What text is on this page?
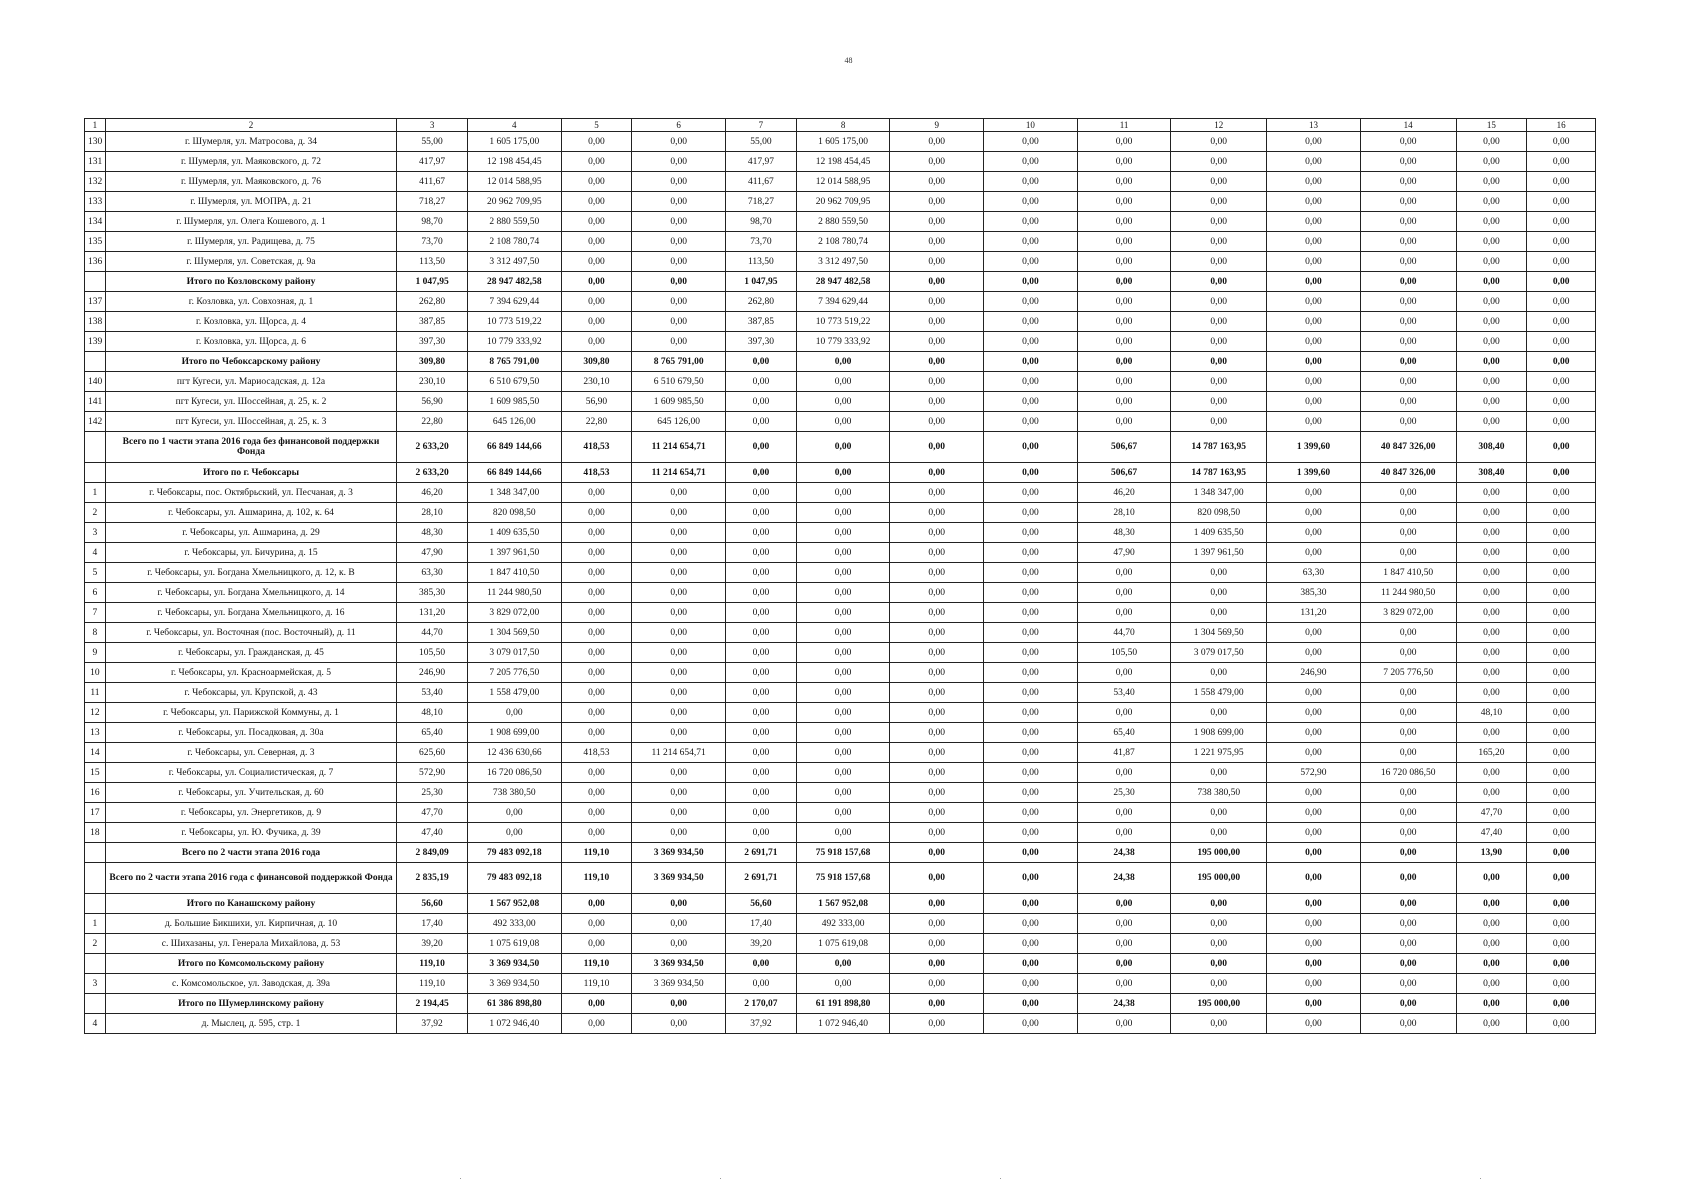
48
1	2	3	4	5	6	7	8	9	10	11	12	13	14	15	16
130	г. Шумерля, ул. Матросова, д. 34	55,00	1 605 175,00	0,00	0,00	55,00	1 605 175,00	0,00	0,00	0,00	0,00	0,00	0,00	0,00	0,00
131	г. Шумерля, ул. Маяковского, д. 72	417,97	12 198 454,45	0,00	0,00	417,97	12 198 454,45	0,00	0,00	0,00	0,00	0,00	0,00	0,00	0,00
132	г. Шумерля, ул. Маяковского, д. 76	411,67	12 014 588,95	0,00	0,00	411,67	12 014 588,95	0,00	0,00	0,00	0,00	0,00	0,00	0,00	0,00
133	г. Шумерля, ул. МОПРА, д. 21	718,27	20 962 709,95	0,00	0,00	718,27	20 962 709,95	0,00	0,00	0,00	0,00	0,00	0,00	0,00	0,00
134	г. Шумерля, ул. Олега Кошевого, д. 1	98,70	2 880 559,50	0,00	0,00	98,70	2 880 559,50	0,00	0,00	0,00	0,00	0,00	0,00	0,00	0,00
135	г. Шумерля, ул. Радищева, д. 75	73,70	2 108 780,74	0,00	0,00	73,70	2 108 780,74	0,00	0,00	0,00	0,00	0,00	0,00	0,00	0,00
136	г. Шумерля, ул. Советская, д. 9а	113,50	3 312 497,50	0,00	0,00	113,50	3 312 497,50	0,00	0,00	0,00	0,00	0,00	0,00	0,00	0,00
	Итого по Козловскому району	1 047,95	28 947 482,58	0,00	0,00	1 047,95	28 947 482,58	0,00	0,00	0,00	0,00	0,00	0,00	0,00	0,00
137	г. Козловка, ул. Совхозная, д. 1	262,80	7 394 629,44	0,00	0,00	262,80	7 394 629,44	0,00	0,00	0,00	0,00	0,00	0,00	0,00	0,00
138	г. Козловка, ул. Щорса, д. 4	387,85	10 773 519,22	0,00	0,00	387,85	10 773 519,22	0,00	0,00	0,00	0,00	0,00	0,00	0,00	0,00
139	г. Козловка, ул. Щорса, д. 6	397,30	10 779 333,92	0,00	0,00	397,30	10 779 333,92	0,00	0,00	0,00	0,00	0,00	0,00	0,00	0,00
	Итого по Чебоксарскому району	309,80	8 765 791,00	309,80	8 765 791,00	0,00	0,00	0,00	0,00	0,00	0,00	0,00	0,00	0,00	0,00
140	пгт Кугеси, ул. Мариосадская, д. 12а	230,10	6 510 679,50	230,10	6 510 679,50	0,00	0,00	0,00	0,00	0,00	0,00	0,00	0,00	0,00	0,00
141	пгт Кугеси, ул. Шоссейная, д. 25, к. 2	56,90	1 609 985,50	56,90	1 609 985,50	0,00	0,00	0,00	0,00	0,00	0,00	0,00	0,00	0,00	0,00
142	пгт Кугеси, ул. Шоссейная, д. 25, к. 3	22,80	645 126,00	22,80	645 126,00	0,00	0,00	0,00	0,00	0,00	0,00	0,00	0,00	0,00	0,00
	Всего по 1 части этапа 2016 года без финансовой поддержки Фонда	2 633,20	66 849 144,66	418,53	11 214 654,71	0,00	0,00	0,00	0,00	506,67	14 787 163,95	1 399,60	40 847 326,00	308,40	0,00
	Итого по г. Чебоксары	2 633,20	66 849 144,66	418,53	11 214 654,71	0,00	0,00	0,00	0,00	506,67	14 787 163,95	1 399,60	40 847 326,00	308,40	0,00
1	г. Чебоксары, пос. Октябрьский, ул. Песчаная, д. 3	46,20	1 348 347,00	0,00	0,00	0,00	0,00	0,00	0,00	46,20	1 348 347,00	0,00	0,00	0,00	0,00
2	г. Чебоксары, ул. Ашмарина, д. 102, к. 64	28,10	820 098,50	0,00	0,00	0,00	0,00	0,00	0,00	28,10	820 098,50	0,00	0,00	0,00	0,00
3	г. Чебоксары, ул. Ашмарина, д. 29	48,30	1 409 635,50	0,00	0,00	0,00	0,00	0,00	0,00	48,30	1 409 635,50	0,00	0,00	0,00	0,00
4	г. Чебоксары, ул. Бичурина, д. 15	47,90	1 397 961,50	0,00	0,00	0,00	0,00	0,00	0,00	47,90	1 397 961,50	0,00	0,00	0,00	0,00
5	г. Чебоксары, ул. Богдана Хмельницкого, д. 12, к. В	63,30	1 847 410,50	0,00	0,00	0,00	0,00	0,00	0,00	0,00	0,00	63,30	1 847 410,50	0,00	0,00
6	г. Чебоксары, ул. Богдана Хмельницкого, д. 14	385,30	11 244 980,50	0,00	0,00	0,00	0,00	0,00	0,00	0,00	0,00	385,30	11 244 980,50	0,00	0,00
7	г. Чебоксары, ул. Богдана Хмельницкого, д. 16	131,20	3 829 072,00	0,00	0,00	0,00	0,00	0,00	0,00	0,00	0,00	131,20	3 829 072,00	0,00	0,00
8	г. Чебоксары, ул. Восточная (пос. Восточный), д. 11	44,70	1 304 569,50	0,00	0,00	0,00	0,00	0,00	0,00	44,70	1 304 569,50	0,00	0,00	0,00	0,00
9	г. Чебоксары, ул. Гражданская, д. 45	105,50	3 079 017,50	0,00	0,00	0,00	0,00	0,00	0,00	105,50	3 079 017,50	0,00	0,00	0,00	0,00
10	г. Чебоксары, ул. Красноармейская, д. 5	246,90	7 205 776,50	0,00	0,00	0,00	0,00	0,00	0,00	0,00	0,00	246,90	7 205 776,50	0,00	0,00
11	г. Чебоксары, ул. Крупской, д. 43	53,40	1 558 479,00	0,00	0,00	0,00	0,00	0,00	0,00	53,40	1 558 479,00	0,00	0,00	0,00	0,00
12	г. Чебоксары, ул. Парижской Коммуны, д. 1	48,10	0,00	0,00	0,00	0,00	0,00	0,00	0,00	0,00	0,00	0,00	0,00	48,10	0,00
13	г. Чебоксары, ул. Посадковая, д. 30а	65,40	1 908 699,00	0,00	0,00	0,00	0,00	0,00	0,00	65,40	1 908 699,00	0,00	0,00	0,00	0,00
14	г. Чебоксары, ул. Северная, д. 3	625,60	12 436 630,66	418,53	11 214 654,71	0,00	0,00	0,00	0,00	41,87	1 221 975,95	0,00	0,00	165,20	0,00
15	г. Чебоксары, ул. Социалистическая, д. 7	572,90	16 720 086,50	0,00	0,00	0,00	0,00	0,00	0,00	0,00	0,00	572,90	16 720 086,50	0,00	0,00
16	г. Чебоксары, ул. Учительская, д. 60	25,30	738 380,50	0,00	0,00	0,00	0,00	0,00	0,00	25,30	738 380,50	0,00	0,00	0,00	0,00
17	г. Чебоксары, ул. Энергетиков, д. 9	47,70	0,00	0,00	0,00	0,00	0,00	0,00	0,00	0,00	0,00	0,00	0,00	47,70	0,00
18	г. Чебоксары, ул. Ю. Фучика, д. 39	47,40	0,00	0,00	0,00	0,00	0,00	0,00	0,00	0,00	0,00	0,00	0,00	47,40	0,00
	Всего по 2 части этапа 2016 года	2 849,09	79 483 092,18	119,10	3 369 934,50	2 691,71	75 918 157,68	0,00	0,00	24,38	195 000,00	0,00	0,00	13,90	0,00
	Всего по 2 части этапа 2016 года с финансовой поддержкой Фонда	2 835,19	79 483 092,18	119,10	3 369 934,50	2 691,71	75 918 157,68	0,00	0,00	24,38	195 000,00	0,00	0,00	0,00	0,00
	Итого по Канашскому району	56,60	1 567 952,08	0,00	0,00	56,60	1 567 952,08	0,00	0,00	0,00	0,00	0,00	0,00	0,00	0,00
1	д. Большие Бикшихи, ул. Кирпичная, д. 10	17,40	492 333,00	0,00	0,00	17,40	492 333,00	0,00	0,00	0,00	0,00	0,00	0,00	0,00	0,00
2	с. Шихазаны, ул. Генерала Михайлова, д. 53	39,20	1 075 619,08	0,00	0,00	39,20	1 075 619,08	0,00	0,00	0,00	0,00	0,00	0,00	0,00	0,00
	Итого по Комсомольскому району	119,10	3 369 934,50	119,10	3 369 934,50	0,00	0,00	0,00	0,00	0,00	0,00	0,00	0,00	0,00	0,00
3	с. Комсомольское, ул. Заводская, д. 39а	119,10	3 369 934,50	119,10	3 369 934,50	0,00	0,00	0,00	0,00	0,00	0,00	0,00	0,00	0,00	0,00
	Итого по Шумерлинскому району	2 194,45	61 386 898,80	0,00	0,00	2 170,07	61 191 898,80	0,00	0,00	24,38	195 000,00	0,00	0,00	0,00	0,00
4	д. Мыслец, д. 595, стр. 1	37,92	1 072 946,40	0,00	0,00	37,92	1 072 946,40	0,00	0,00	0,00	0,00	0,00	0,00	0,00	0,00
